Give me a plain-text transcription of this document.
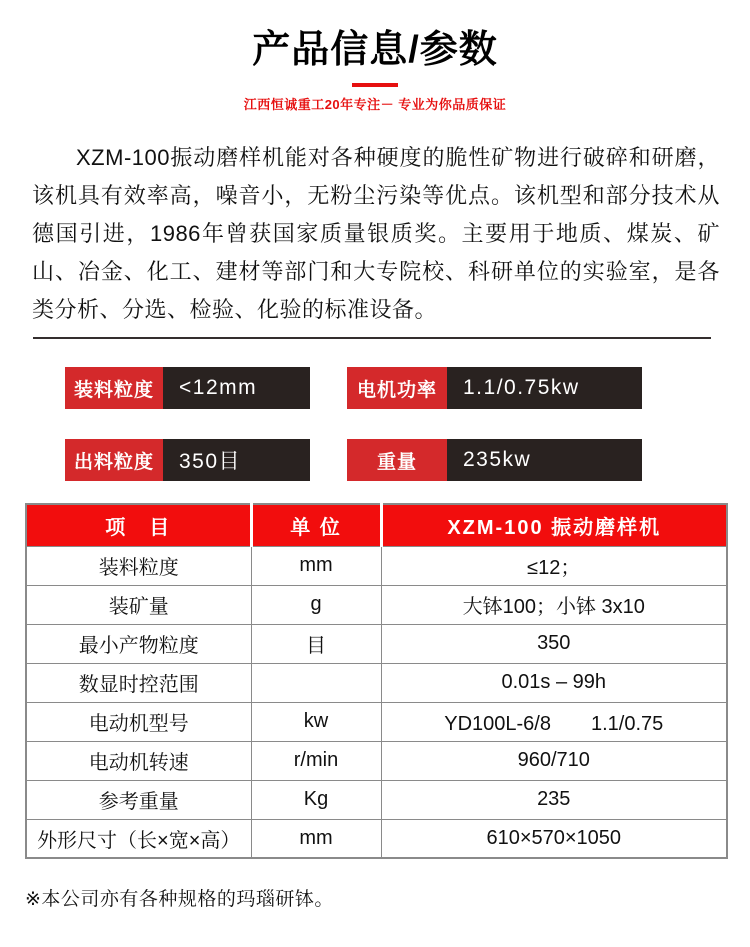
产品信息/参数
江西恒诚重工20年专注－ 专业为你品质保证

XZM-100振动磨样机能对各种硬度的脆性矿物进行破碎和研磨，该机具有效率高，噪音小，无粉尘污染等优点。该机型和部分技术从德国引进，1986年曾获国家质量银质奖。主要用于地质、煤炭、矿山、冶金、化工、建材等部门和大专院校、科研单位的实验室，是各类分析、分选、检验、化验的标准设备。

装料粒度	<12mm	电机功率	1.1/0.75kw
出料粒度	350目	重量	235kw
项　目	单 位	XZM-100 振动磨样机
装料粒度	mm	≤12；
装矿量	g	大钵100；小钵 3x10
最小产物粒度	目	350
数显时控范围		0.01s – 99h
电动机型号	kw	YD100L-6/8　　1.1/0.75
电动机转速	r/min	960/710
参考重量	Kg	235
外形尺寸（长×宽×高）	mm	610×570×1050
※本公司亦有各种规格的玛瑙研钵。
